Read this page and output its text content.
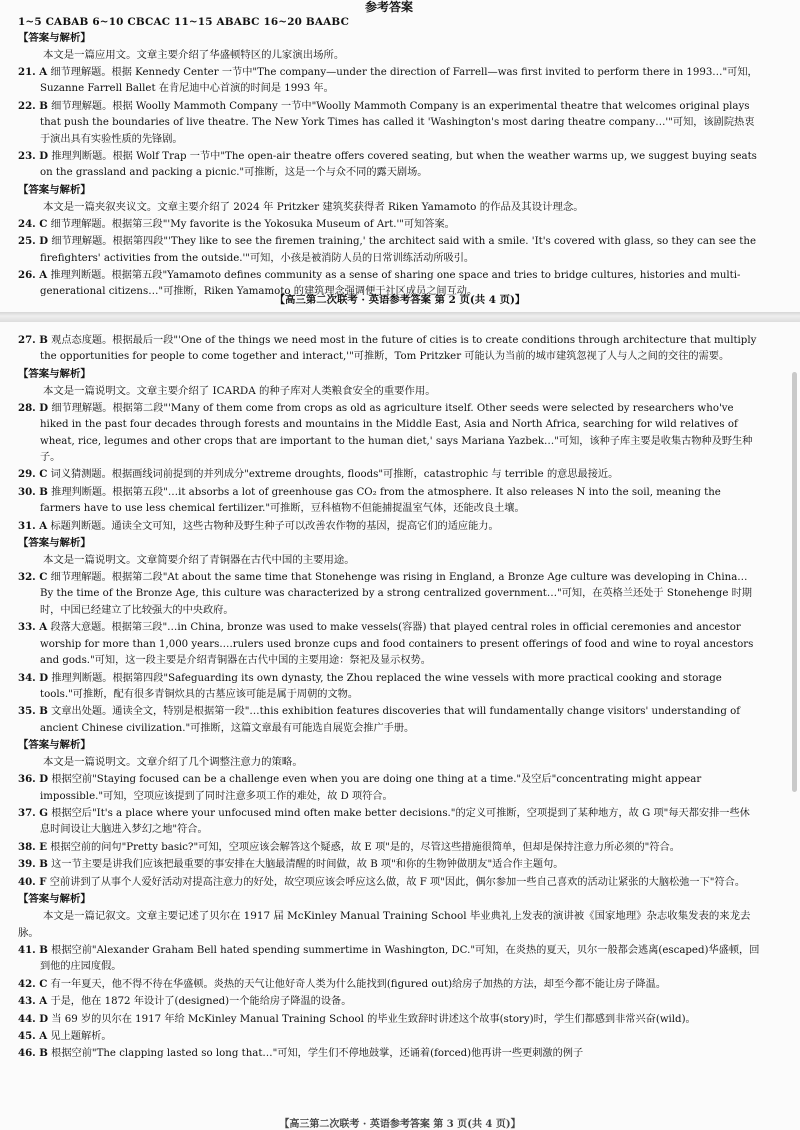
参考答案

1~5 CABAB 6~10 CBCAC 11~15 ABABC 16~20 BAABC

【答案与解析】

本文是一篇应用文。文章主要介绍了华盛顿特区的儿家演出场所。

21. A 细节理解题。根据 Kennedy Center 一节中"The company—under the direction of Farrell—was first invited to perform there in 1993…"可知，Suzanne Farrell Ballet 在肯尼迪中心首演的时间是 1993 年。

22. B 细节理解题。根据 Woolly Mammoth Company 一节中"Woolly Mammoth Company is an experimental theatre that welcomes original plays that push the boundaries of live theatre. The New York Times has called it 'Washington's most daring theatre company…'"可知，该剧院热衷于演出具有实验性质的先锋剧。

23. D 推理判断题。根据 Wolf Trap 一节中"The open-air theatre offers covered seating, but when the weather warms up, we suggest buying seats on the grassland and packing a picnic."可推断，这是一个与众不同的露天剧场。

【答案与解析】

本文是一篇夹叙夹议文。文章主要介绍了 2024 年 Pritzker 建筑奖获得者 Riken Yamamoto 的作品及其设计理念。

24. C 细节理解题。根据第三段"'My favorite is the Yokosuka Museum of Art.'"可知答案。

25. D 细节理解题。根据第四段"'They like to see the firemen training,' the architect said with a smile. 'It's covered with glass, so they can see the firefighters' activities from the outside.'"可知，小孩是被消防人员的日常训练活动所吸引。

26. A 推理判断题。根据第五段"Yamamoto defines community as a sense of sharing one space and tries to bridge cultures, histories and multi-generational citizens…"可推断，Riken Yamamoto 的建筑理念强调便于社区成员之间互动。

【高三第二次联考 · 英语参考答案 第 2 页(共 4 页)】

27. B 观点态度题。根据最后一段"'One of the things we need most in the future of cities is to create conditions through architecture that multiply the opportunities for people to come together and interact,'"可推断，Tom Pritzker 可能认为当前的城市建筑忽视了人与人之间的交往的需要。

【答案与解析】

本文是一篇说明文。文章主要介绍了 ICARDA 的种子库对人类粮食安全的重要作用。

28. D 细节理解题。根据第二段"'Many of them come from crops as old as agriculture itself. Other seeds were selected by researchers who've hiked in the past four decades through forests and mountains in the Middle East, Asia and North Africa, searching for wild relatives of wheat, rice, legumes and other crops that are important to the human diet,' says Mariana Yazbek…"可知，该种子库主要是收集古物种及野生种子。

29. C 词义猜测题。根据画线词前提到的并列成分"extreme droughts, floods"可推断，catastrophic 与 terrible 的意思最接近。

30. B 推理判断题。根据第五段"…it absorbs a lot of greenhouse gas CO₂ from the atmosphere. It also releases N into the soil, meaning the farmers have to use less chemical fertilizer."可推断，豆科植物不但能捕捉温室气体，还能改良土壤。

31. A 标题判断题。通读全文可知，这些古物种及野生种子可以改善农作物的基因，提高它们的适应能力。

【答案与解析】

本文是一篇说明文。文章简要介绍了青铜器在古代中国的主要用途。

32. C 细节理解题。根据第二段"At about the same time that Stonehenge was rising in England, a Bronze Age culture was developing in China…By the time of the Bronze Age, this culture was characterized by a strong centralized government…"可知，在英格兰还处于 Stonehenge 时期时，中国已经建立了比较强大的中央政府。

33. A 段落大意题。根据第三段"…in China, bronze was used to make vessels(容器) that played central roles in official ceremonies and ancestor worship for more than 1,000 years.…rulers used bronze cups and food containers to present offerings of food and wine to royal ancestors and gods."可知，这一段主要是介绍青铜器在古代中国的主要用途：祭祀及显示权势。

34. D 推理判断题。根据第四段"Safeguarding its own dynasty, the Zhou replaced the wine vessels with more practical cooking and storage tools."可推断，配有很多青铜炊具的古墓应该可能是属于周朝的文物。

35. B 文章出处题。通读全文，特别是根据第一段"…this exhibition features discoveries that will fundamentally change visitors' understanding of ancient Chinese civilization."可推断，这篇文章最有可能选自展览会推广手册。

【答案与解析】

本文是一篇说明文。文章介绍了几个调整注意力的策略。

36. D 根据空前"Staying focused can be a challenge even when you are doing one thing at a time."及空后"concentrating might appear impossible."可知，空项应该提到了同时注意多项工作的难处，故 D 项符合。

37. G 根据空后"It's a place where your unfocused mind often make better decisions."的定义可推断，空项提到了某种地方，故 G 项"每天都安排一些休息时间设让大脑进入梦幻之地"符合。

38. E 根据空前的问句"Pretty basic?"可知，空项应该会解答这个疑惑，故 E 项"是的，尽管这些措施很简单，但却是保持注意力所必须的"符合。

39. B 这一节主要是讲我们应该把最重要的事安排在大脑最清醒的时间做，故 B 项"和你的生物钟做朋友"适合作主题句。

40. F 空前讲到了从事个人爱好活动对提高注意力的好处，故空项应该会呼应这么做，故 F 项"因此，偶尔参加一些自己喜欢的活动让紧张的大脑松弛一下"符合。

【答案与解析】

本文是一篇记叙文。文章主要记述了贝尔在 1917 届 McKinley Manual Training School 毕业典礼上发表的演讲被《国家地理》杂志收集发表的来龙去脉。

41. B 根据空前"Alexander Graham Bell hated spending summertime in Washington, DC."可知，在炎热的夏天，贝尔一般都会逃离(escaped)华盛顿，回到他的庄园度假。

42. C 有一年夏天，他不得不待在华盛顿。炎热的天气让他好奇人类为什么能找到(figured out)给房子加热的方法，却至今都不能让房子降温。

43. A 于是，他在 1872 年设计了(designed)一个能给房子降温的设备。

44. D 当 69 岁的贝尔在 1917 年给 McKinley Manual Training School 的毕业生致辞时讲述这个故事(story)时，学生们都感到非常兴奋(wild)。

45. A 见上题解析。

46. B 根据空前"The clapping lasted so long that…"可知，学生们不停地鼓掌，还诵着(forced)他再讲一些更刺激的例子

【高三第二次联考 · 英语参考答案 第 3 页(共 4 页)】
